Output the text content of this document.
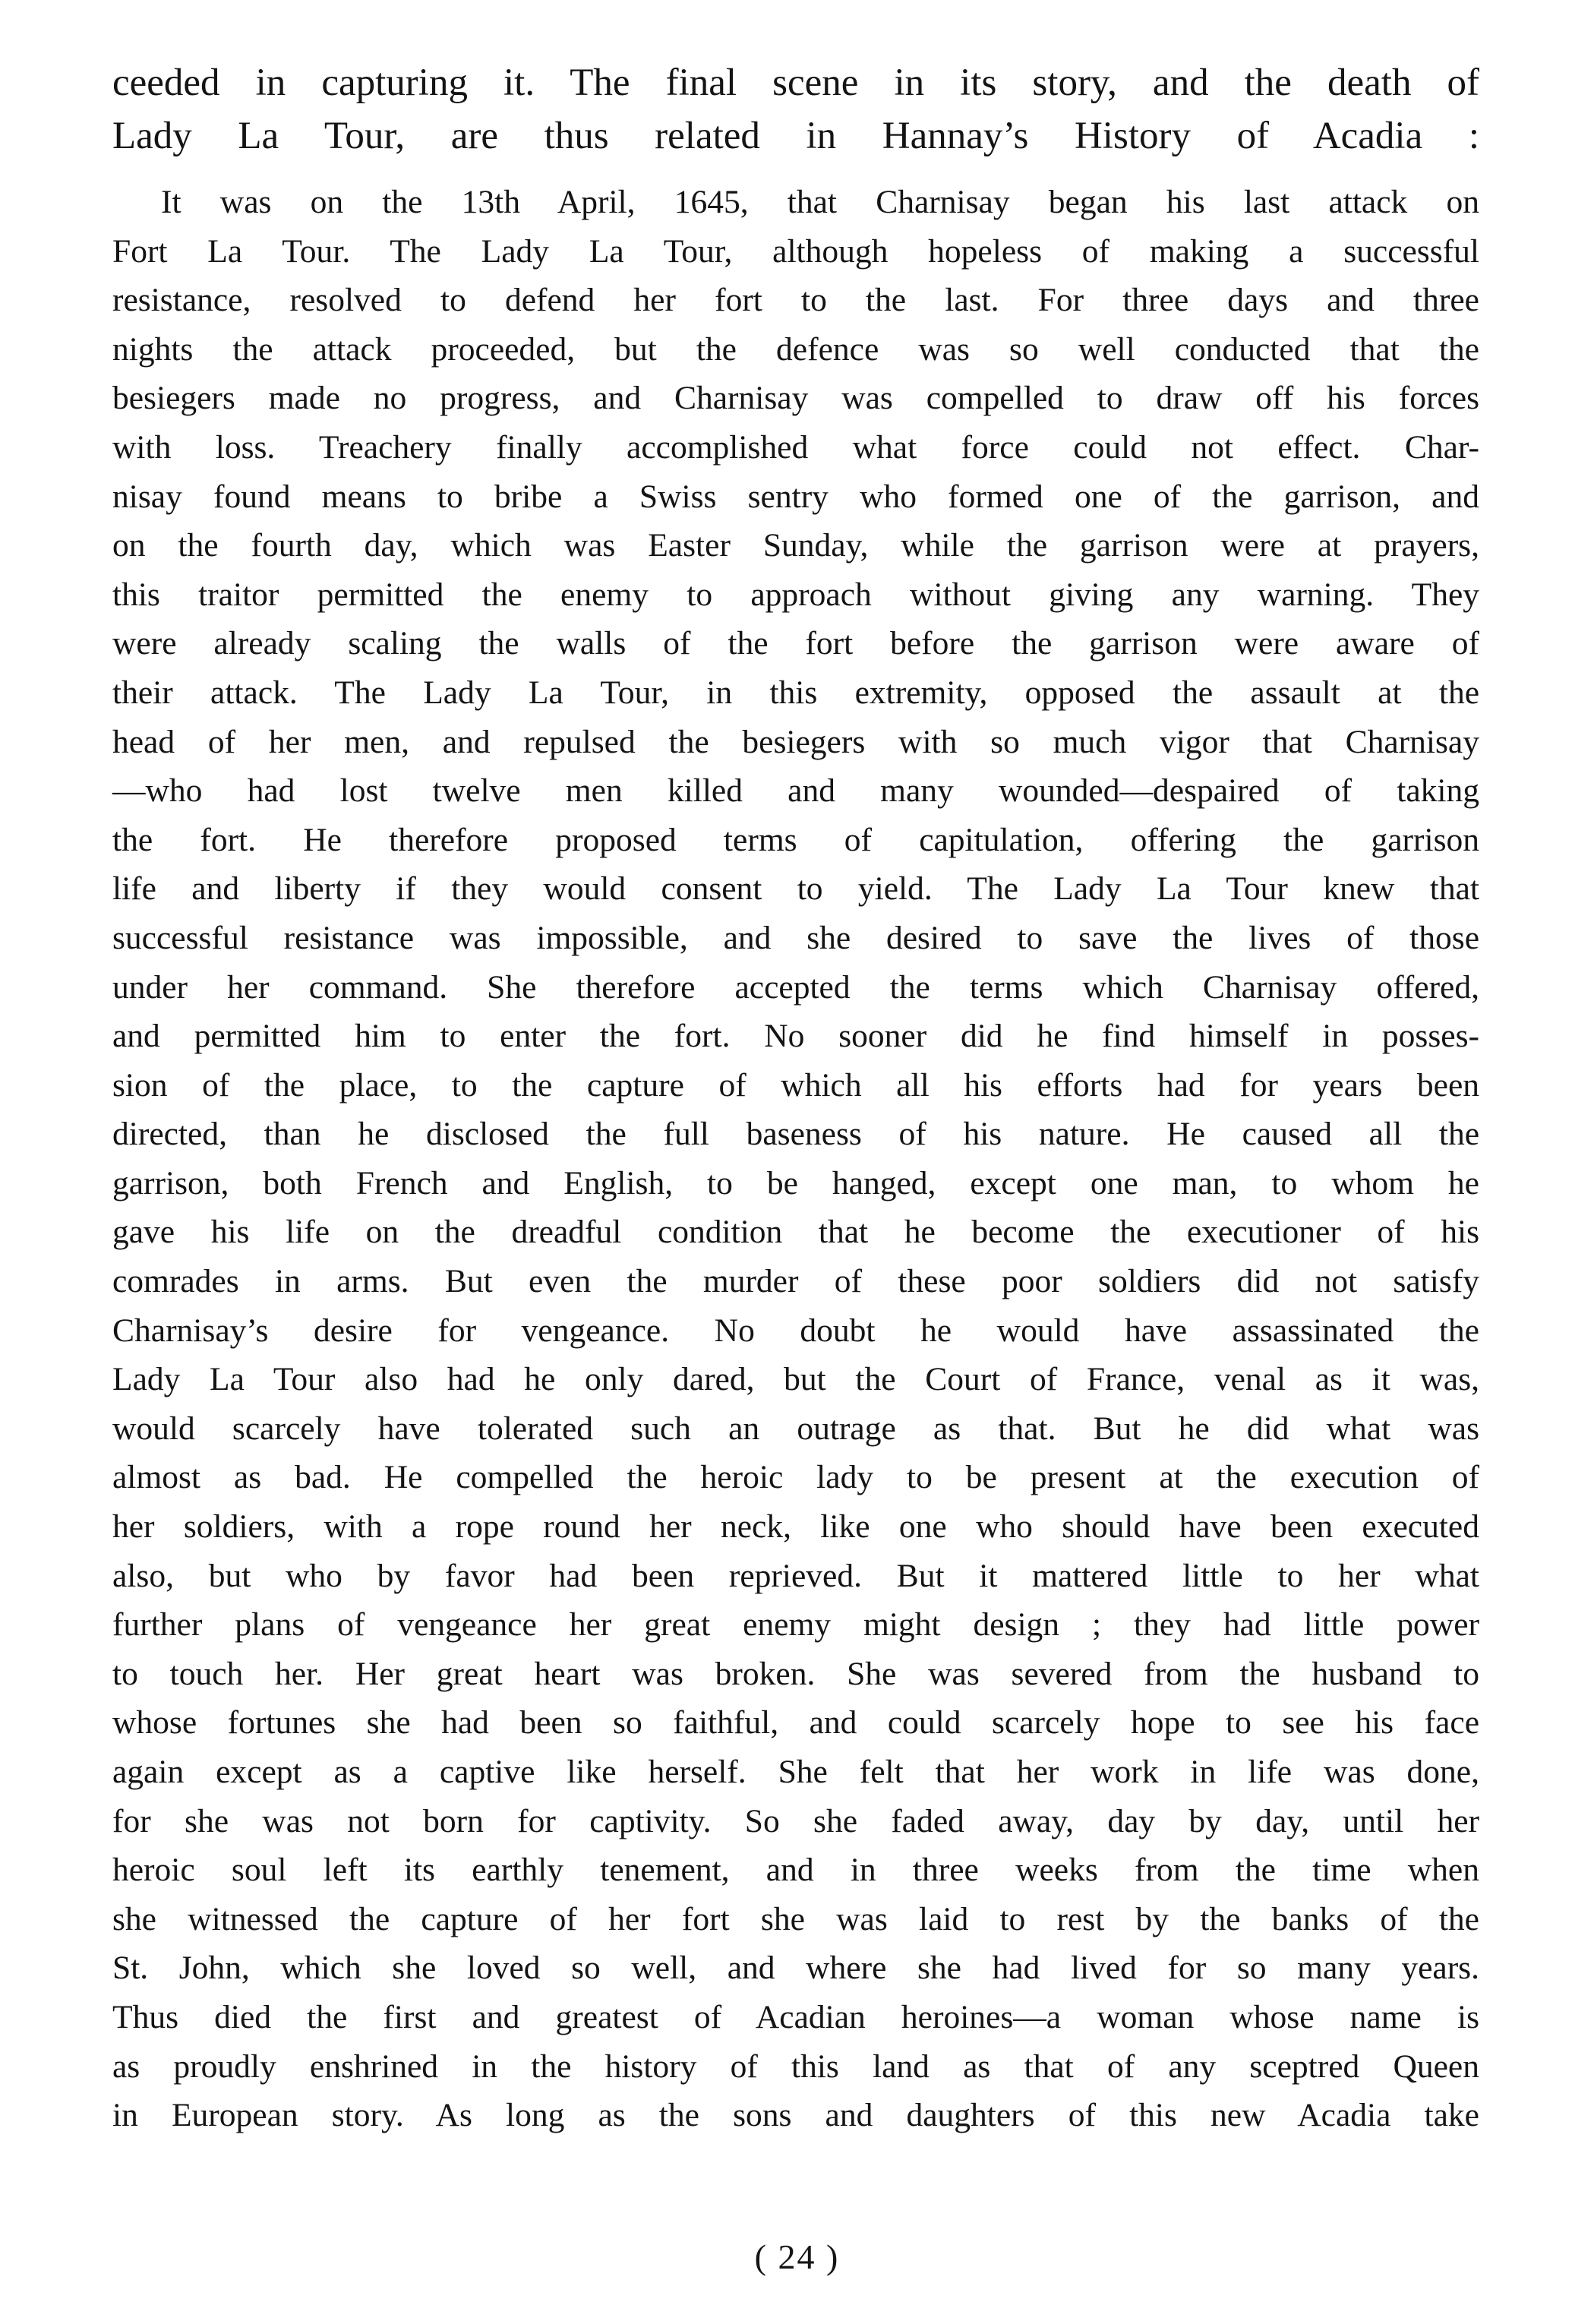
ceeded in capturing it. The final scene in its story, and the death of
Lady La Tour, are thus related in Hannay’s History of Acadia :
It was on the 13th April, 1645, that Charnisay began his last attack on
Fort La Tour. The Lady La Tour, although hopeless of making a successful
resistance, resolved to defend her fort to the last. For three days and three
nights the attack proceeded, but the defence was so well conducted that the
besiegers made no progress, and Charnisay was compelled to draw off his forces
with loss. Treachery finally accomplished what force could not effect. Char-
nisay found means to bribe a Swiss sentry who formed one of the garrison, and
on the fourth day, which was Easter Sunday, while the garrison were at prayers,
this traitor permitted the enemy to approach without giving any warning. They
were already scaling the walls of the fort before the garrison were aware of
their attack. The Lady La Tour, in this extremity, opposed the assault at the
head of her men, and repulsed the besiegers with so much vigor that Charnisay
—who had lost twelve men killed and many wounded—despaired of taking
the fort. He therefore proposed terms of capitulation, offering the garrison
life and liberty if they would consent to yield. The Lady La Tour knew that
successful resistance was impossible, and she desired to save the lives of those
under her command. She therefore accepted the terms which Charnisay offered,
and permitted him to enter the fort. No sooner did he find himself in posses-
sion of the place, to the capture of which all his efforts had for years been
directed, than he disclosed the full baseness of his nature. He caused all the
garrison, both French and English, to be hanged, except one man, to whom he
gave his life on the dreadful condition that he become the executioner of his
comrades in arms. But even the murder of these poor soldiers did not satisfy
Charnisay’s desire for vengeance. No doubt he would have assassinated the
Lady La Tour also had he only dared, but the Court of France, venal as it was,
would scarcely have tolerated such an outrage as that. But he did what was
almost as bad. He compelled the heroic lady to be present at the execution of
her soldiers, with a rope round her neck, like one who should have been executed
also, but who by favor had been reprieved. But it mattered little to her what
further plans of vengeance her great enemy might design ; they had little power
to touch her. Her great heart was broken. She was severed from the husband to
whose fortunes she had been so faithful, and could scarcely hope to see his face
again except as a captive like herself. She felt that her work in life was done,
for she was not born for captivity. So she faded away, day by day, until her
heroic soul left its earthly tenement, and in three weeks from the time when
she witnessed the capture of her fort she was laid to rest by the banks of the
St. John, which she loved so well, and where she had lived for so many years.
Thus died the first and greatest of Acadian heroines—a woman whose name is
as proudly enshrined in the history of this land as that of any sceptred Queen
in European story. As long as the sons and daughters of this new Acadia take
( 24 )
